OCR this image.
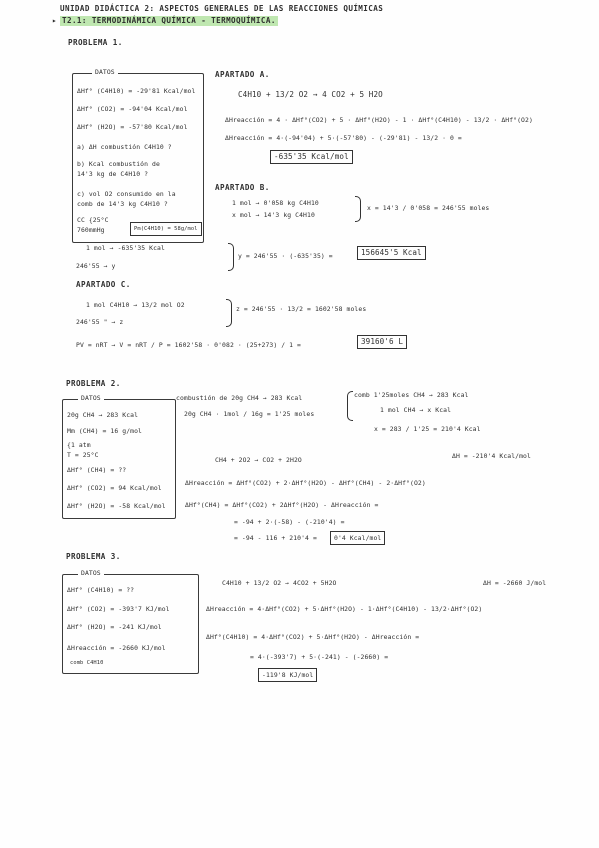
UNIDAD DIDÁCTICA 2: ASPECTOS GENERALES DE LAS REACCIONES QUÍMICAS
▸ T2.1: TERMODINÁMICA QUÍMICA - TERMOQUÍMICA.
PROBLEMA 1.
DATOS
ΔHf° (C4H10) = -29'81 Kcal/mol
ΔHf° (CO2) = -94'04 Kcal/mol
ΔHf° (H2O) = -57'80 Kcal/mol
a) ΔH combustión C4H10 ?
b) Kcal combustión de
14'3 kg de C4H10 ?
c) vol O2 consumido en la
comb de 14'3 kg C4H10 ?
CC {25°C
760mmHg	Pm(C4H10) = 58g/mol
APARTADO A.
C4H10 + 13/2 O2 → 4 CO2 + 5 H2O
ΔHreacción = 4 · ΔHf°(CO2) + 5 · ΔHf°(H2O) - 1 · ΔHf°(C4H10) - 13/2 · ΔHf°(O2)
ΔHreacción = 4·(-94'04) + 5·(-57'80) - (-29'81) - 13/2 · 0 =
-635'35 Kcal/mol
APARTADO B.
1 mol → 0'058 kg C4H10
x mol → 14'3 kg C4H10
x = 14'3 / 0'058 = 246'55 moles
1 mol → -635'35 Kcal
246'55 → y
y = 246'55 · (-635'35) =	156645'5 Kcal
APARTADO C.
1 mol C4H10 → 13/2 mol O2
246'55 " → z
z = 246'55 · 13/2 = 1602'58 moles
PV = nRT → V = nRT / P = 1602'58 · 0'082 · (25+273) / 1 =	39160'6 L
PROBLEMA 2.
DATOS
20g CH4 → 283 Kcal
Mm (CH4) = 16 g/mol
{1 atm
T = 25°C
ΔHf° (CH4) = ??
ΔHf° (CO2) = 94 Kcal/mol
ΔHf° (H2O) = -58 Kcal/mol
combustión de 20g CH4 → 283 Kcal
20g CH4 · 1mol / 16g = 1'25 moles
comb 1'25moles CH4 → 283 Kcal
1 mol CH4 → x Kcal
x = 283 / 1'25 = 210'4 Kcal
CH4 + 2O2 → CO2 + 2H2O	ΔH = -210'4 Kcal/mol
ΔHreacción = ΔHf°(CO2) + 2·ΔHf°(H2O) - ΔHf°(CH4) - 2·ΔHf°(O2)
ΔHf°(CH4) = ΔHf°(CO2) + 2ΔHf°(H2O) - ΔHreacción =
= -94 + 2·(-58) - (-210'4) =
= -94 - 116 + 210'4 =	0'4 Kcal/mol
PROBLEMA 3.
DATOS
ΔHf° (C4H10) = ??
ΔHf° (CO2) = -393'7 KJ/mol
ΔHf° (H2O) = -241 KJ/mol
ΔHreacción = -2660 KJ/mol
comb C4H10
C4H10 + 13/2 O2 → 4CO2 + 5H2O	ΔH = -2660 J/mol
ΔHreacción = 4·ΔHf°(CO2) + 5·ΔHf°(H2O) - 1·ΔHf°(C4H10) - 13/2·ΔHf°(O2)
ΔHf°(C4H10) = 4·ΔHf°(CO2) + 5·ΔHf°(H2O) - ΔHreacción =
= 4·(-393'7) + 5·(-241) - (-2660) =
-119'8 KJ/mol
